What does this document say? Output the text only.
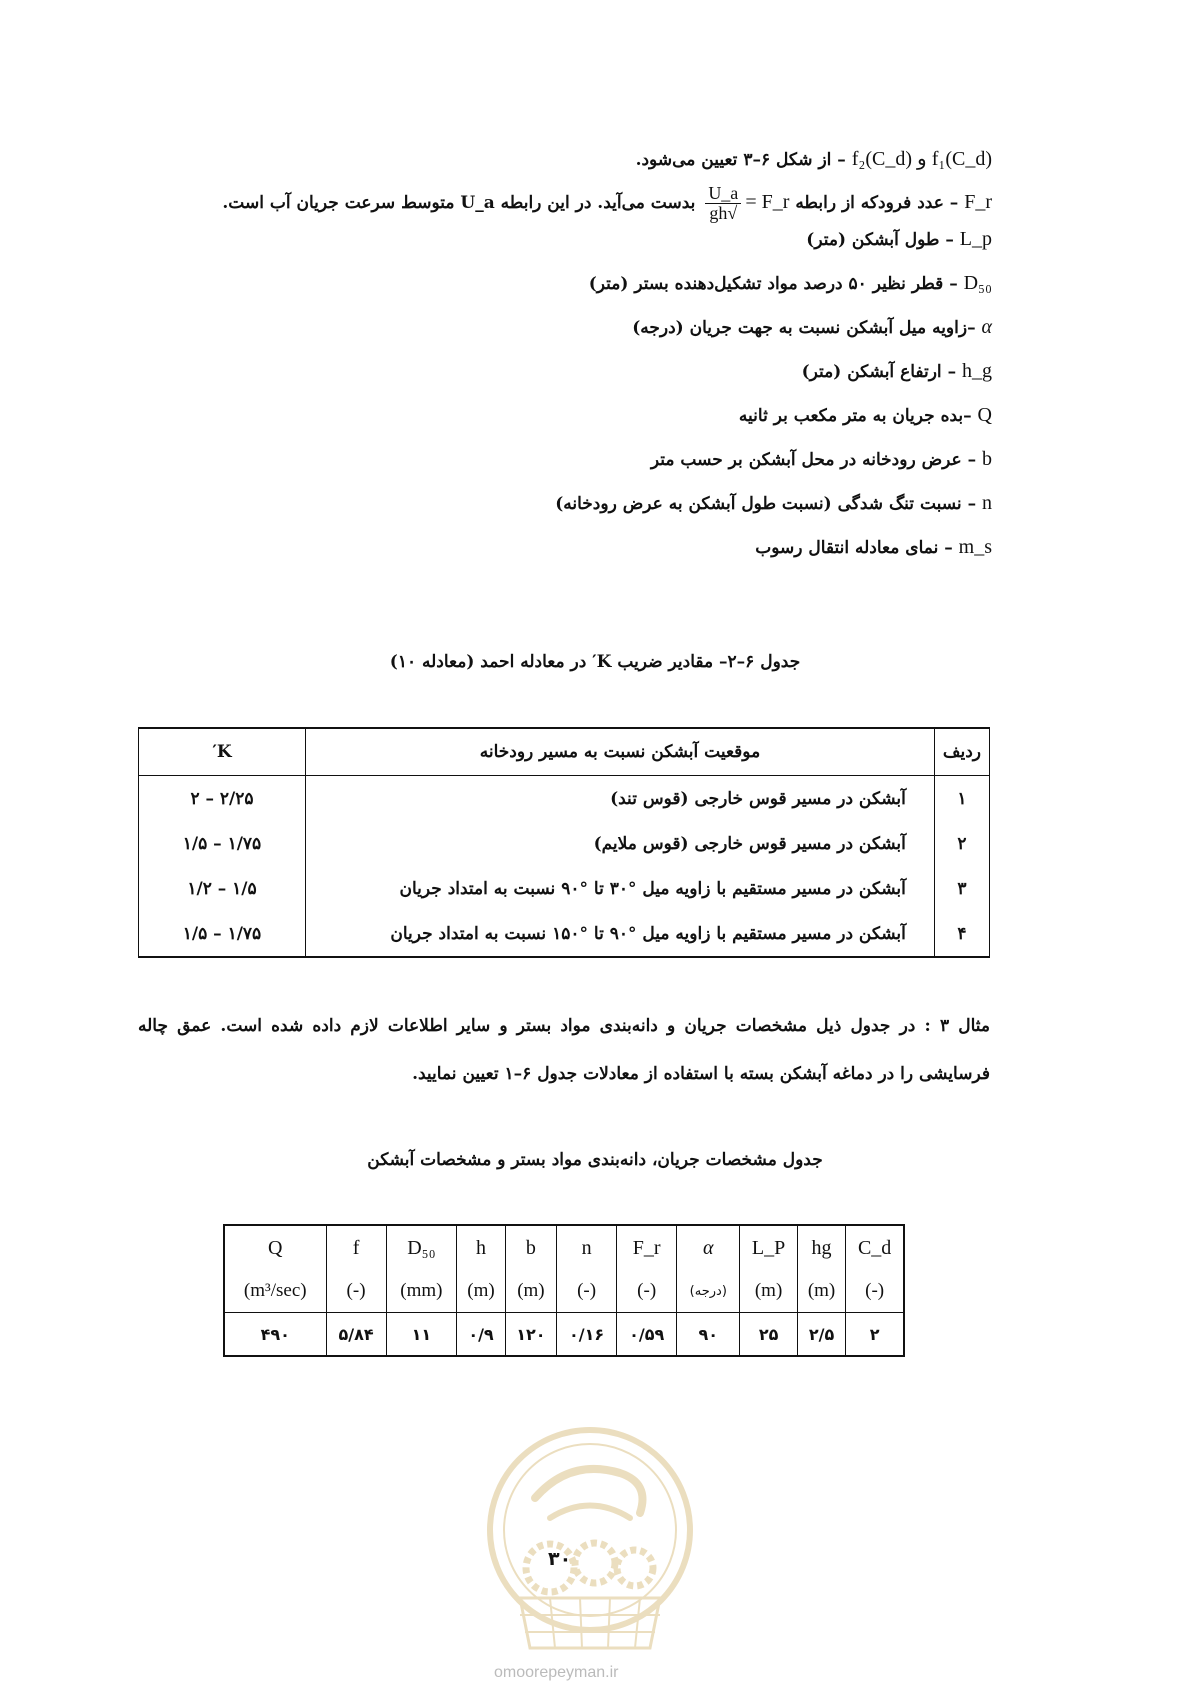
f₁(C_d) و f₂(C_d) – از شکل ۶–۳ تعیین می‌شود.
F_r – عدد فرودکه از رابطه F_r =
$\frac{U\_a}{√gh}$
بدست می‌آید. در این رابطه U_a متوسط سرعت جریان آب است.
L_p – طول آبشکن (متر)
D₅₀ – قطر نظیر ۵۰ درصد مواد تشکیل‌دهنده بستر (متر)
α –زاویه میل آبشکن نسبت به جهت جریان (درجه)
h_g – ارتفاع آبشکن (متر)
Q –بده جریان به متر مکعب بر ثانیه
b – عرض رودخانه در محل آبشکن بر حسب متر
n – نسبت تنگ شدگی (نسبت طول آبشکن به عرض رودخانه)
m_s – نمای معادله انتقال رسوب
جدول ۶–۲– مقادیر ضریب K′ در معادله احمد (معادله ۱۰)
ردیف	موقعیت آبشکن نسبت به مسیر رودخانه	K′
۱	آبشکن در مسیر قوس خارجی (قوس تند)	۲ – ۲/۲۵
۲	آبشکن در مسیر قوس خارجی (قوس ملایم)	۱/۵ – ۱/۷۵
۳	آبشکن در مسیر مستقیم با زاویه میل °۳۰ تا °۹۰ نسبت به امتداد جریان	۱/۲ – ۱/۵
۴	آبشکن در مسیر مستقیم با زاویه میل °۹۰ تا °۱۵۰ نسبت به امتداد جریان	۱/۵ – ۱/۷۵
مثال ۳ : در جدول ذیل مشخصات جریان و دانه‌بندی مواد بستر و سایر اطلاعات لازم داده شده است. عمق چاله فرسایشی را در دماغه آبشکن بسته با استفاده از معادلات جدول ۶–۱ تعیین نمایید.
جدول مشخصات جریان، دانه‌بندی مواد بستر و مشخصات آبشکن
Q	f	D₅₀	h	b	n	F_r	α	L_P	hg	C_d
(m³/sec)	(-)	(mm)	(m)	(m)	(-)	(-)	(درجه)	(m)	(m)	(-)
۴۹۰	۵/۸۴	۱۱	۰/۹	۱۲۰	۰/۱۶	۰/۵۹	۹۰	۲۵	۲/۵	۲
۳۰
omoorepeyman.ir
